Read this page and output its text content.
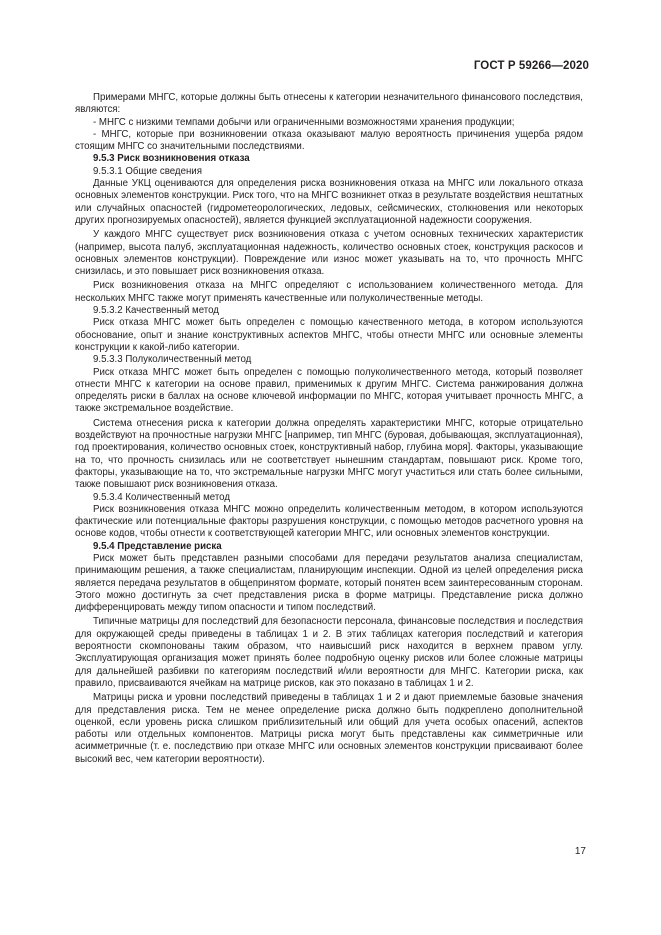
ГОСТ Р 59266—2020

Примерами МНГС, которые должны быть отнесены к категории незначительного финансового последствия, являются:

- МНГС с низкими темпами добычи или ограниченными возможностями хранения продукции;

- МНГС, которые при возникновении отказа оказывают малую вероятность причинения ущерба рядом стоящим МНГС со значительными последствиями.

9.5.3 Риск возникновения отказа

9.5.3.1 Общие сведения

Данные УКЦ оцениваются для определения риска возникновения отказа на МНГС или локального отказа основных элементов конструкции. Риск того, что на МНГС возникнет отказ в результате воздействия нештатных или случайных опасностей (гидрометеорологических, ледовых, сейсмических, столкновения или некоторых других прогнозируемых опасностей), является функцией эксплуатационной надежности сооружения.

У каждого МНГС существует риск возникновения отказа с учетом основных технических характеристик (например, высота палуб, эксплуатационная надежность, количество основных стоек, конструкция раскосов и основных элементов конструкции). Повреждение или износ может указывать на то, что прочность МНГС снизилась, и это повышает риск возникновения отказа.

Риск возникновения отказа на МНГС определяют с использованием количественного метода. Для нескольких МНГС также могут применять качественные или полуколичественные методы.

9.5.3.2 Качественный метод

Риск отказа МНГС может быть определен с помощью качественного метода, в котором используются обоснование, опыт и знание конструктивных аспектов МНГС, чтобы отнести МНГС или основные элементы конструкции к какой-либо категории.

9.5.3.3 Полуколичественный метод

Риск отказа МНГС может быть определен с помощью полуколичественного метода, который позволяет отнести МНГС к категории на основе правил, применимых к другим МНГС. Система ранжирования должна определять риски в баллах на основе ключевой информации по МНГС, которая учитывает прочность МНГС, а также экстремальное воздействие.

Система отнесения риска к категории должна определять характеристики МНГС, которые отрицательно воздействуют на прочностные нагрузки МНГС [например, тип МНГС (буровая, добывающая, эксплуатационная), год проектирования, количество основных стоек, конструктивный набор, глубина моря]. Факторы, указывающие на то, что прочность снизилась или не соответствует нынешним стандартам, повышают риск. Кроме того, факторы, указывающие на то, что экстремальные нагрузки МНГС могут участиться или стать более сильными, также повышают риск возникновения отказа.

9.5.3.4 Количественный метод

Риск возникновения отказа МНГС можно определить количественным методом, в котором используются фактические или потенциальные факторы разрушения конструкции, с помощью методов расчетного уровня на основе кодов, чтобы отнести к соответствующей категории МНГС, или основных элементов конструкции.

9.5.4 Представление риска

Риск может быть представлен разными способами для передачи результатов анализа специалистам, принимающим решения, а также специалистам, планирующим инспекции. Одной из целей определения риска является передача результатов в общепринятом формате, который понятен всем заинтересованным сторонам. Этого можно достигнуть за счет представления риска в форме матрицы. Представление риска должно дифференцировать между типом опасности и типом последствий.

Типичные матрицы для последствий для безопасности персонала, финансовые последствия и последствия для окружающей среды приведены в таблицах 1 и 2. В этих таблицах категория последствий и категория вероятности скомпонованы таким образом, что наивысший риск находится в верхнем правом углу. Эксплуатирующая организация может принять более подробную оценку рисков или более сложные матрицы для дальнейшей разбивки по категориям последствий и/или вероятности для МНГС. Категории риска, как правило, присваиваются ячейкам на матрице рисков, как это показано в таблицах 1 и 2.

Матрицы риска и уровни последствий приведены в таблицах 1 и 2 и дают приемлемые базовые значения для представления риска. Тем не менее определение риска должно быть подкреплено дополнительной оценкой, если уровень риска слишком приблизительный или общий для учета особых опасений, аспектов работы или отдельных компонентов. Матрицы риска могут быть представлены как симметричные или асимметричные (т. е. последствию при отказе МНГС или основных элементов конструкции присваивают более высокий вес, чем категории вероятности).

17
